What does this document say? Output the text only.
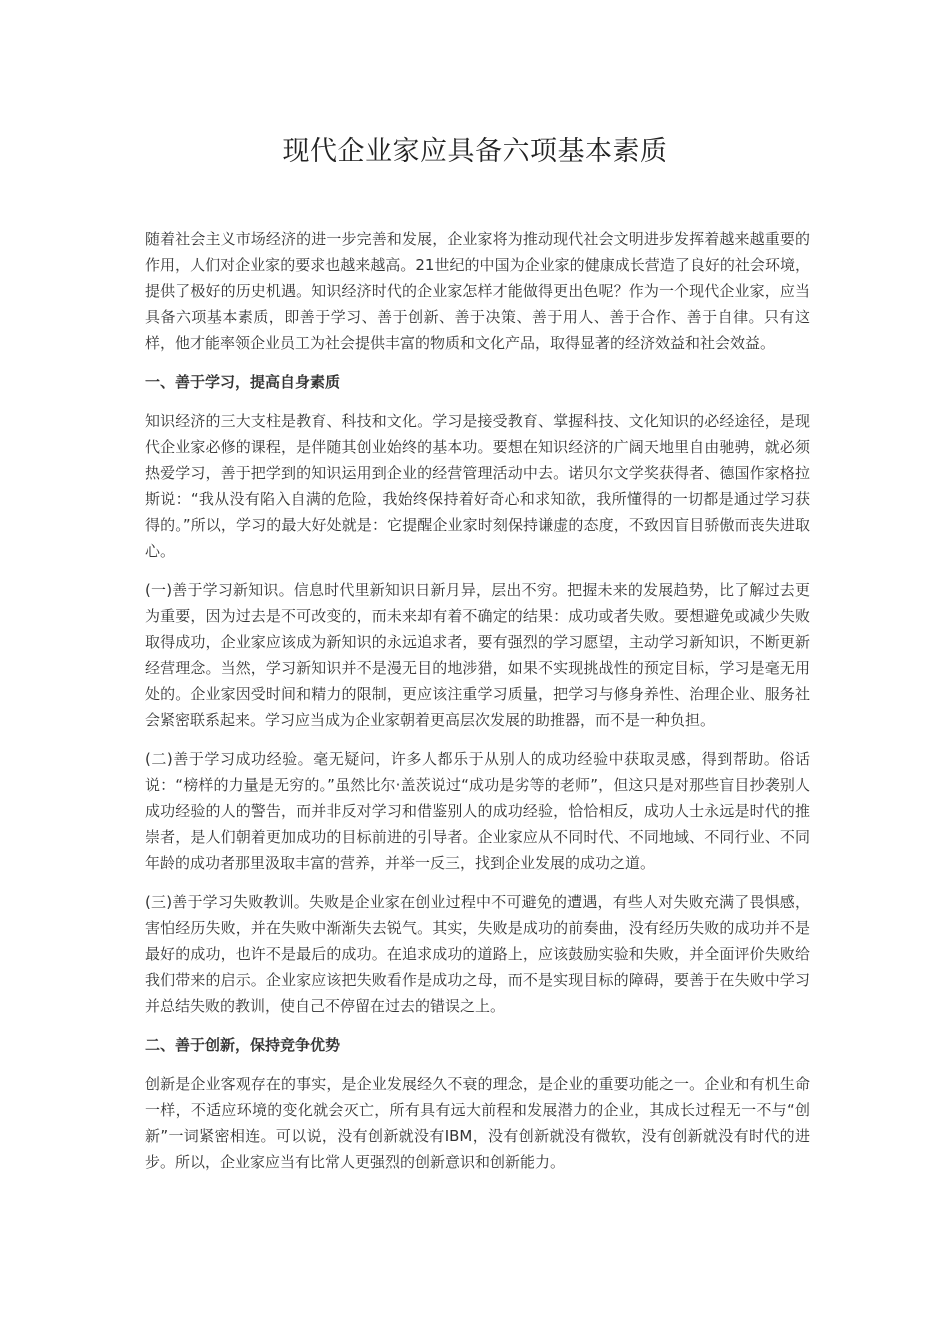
现代企业家应具备六项基本素质

随着社会主义市场经济的进一步完善和发展，企业家将为推动现代社会文明进步发挥着越来越重要的作用，人们对企业家的要求也越来越高。21世纪的中国为企业家的健康成长营造了良好的社会环境，提供了极好的历史机遇。知识经济时代的企业家怎样才能做得更出色呢？作为一个现代企业家，应当具备六项基本素质，即善于学习、善于创新、善于决策、善于用人、善于合作、善于自律。只有这样，他才能率领企业员工为社会提供丰富的物质和文化产品，取得显著的经济效益和社会效益。

一、善于学习，提高自身素质

知识经济的三大支柱是教育、科技和文化。学习是接受教育、掌握科技、文化知识的必经途径，是现代企业家必修的课程，是伴随其创业始终的基本功。要想在知识经济的广阔天地里自由驰骋，就必须热爱学习，善于把学到的知识运用到企业的经营管理活动中去。诺贝尔文学奖获得者、德国作家格拉斯说：“我从没有陷入自满的危险，我始终保持着好奇心和求知欲，我所懂得的一切都是通过学习获得的。”所以，学习的最大好处就是：它提醒企业家时刻保持谦虚的态度，不致因盲目骄傲而丧失进取心。

(一)善于学习新知识。信息时代里新知识日新月异，层出不穷。把握未来的发展趋势，比了解过去更为重要，因为过去是不可改变的，而未来却有着不确定的结果：成功或者失败。要想避免或减少失败取得成功，企业家应该成为新知识的永远追求者，要有强烈的学习愿望，主动学习新知识，不断更新经营理念。当然，学习新知识并不是漫无目的地涉猎，如果不实现挑战性的预定目标，学习是毫无用处的。企业家因受时间和精力的限制，更应该注重学习质量，把学习与修身养性、治理企业、服务社会紧密联系起来。学习应当成为企业家朝着更高层次发展的助推器，而不是一种负担。

(二)善于学习成功经验。毫无疑问，许多人都乐于从别人的成功经验中获取灵感，得到帮助。俗话说：“榜样的力量是无穷的。”虽然比尔·盖茨说过“成功是劣等的老师”，但这只是对那些盲目抄袭别人成功经验的人的警告，而并非反对学习和借鉴别人的成功经验，恰恰相反，成功人士永远是时代的推崇者，是人们朝着更加成功的目标前进的引导者。企业家应从不同时代、不同地域、不同行业、不同年龄的成功者那里汲取丰富的营养，并举一反三，找到企业发展的成功之道。

(三)善于学习失败教训。失败是企业家在创业过程中不可避免的遭遇，有些人对失败充满了畏惧感，害怕经历失败，并在失败中渐渐失去锐气。其实，失败是成功的前奏曲，没有经历失败的成功并不是最好的成功，也许不是最后的成功。在追求成功的道路上，应该鼓励实验和失败，并全面评价失败给我们带来的启示。企业家应该把失败看作是成功之母，而不是实现目标的障碍，要善于在失败中学习并总结失败的教训，使自己不停留在过去的错误之上。

二、善于创新，保持竞争优势

创新是企业客观存在的事实，是企业发展经久不衰的理念，是企业的重要功能之一。企业和有机生命一样，不适应环境的变化就会灭亡，所有具有远大前程和发展潜力的企业，其成长过程无一不与“创新”一词紧密相连。可以说，没有创新就没有IBM，没有创新就没有微软，没有创新就没有时代的进步。所以，企业家应当有比常人更强烈的创新意识和创新能力。
